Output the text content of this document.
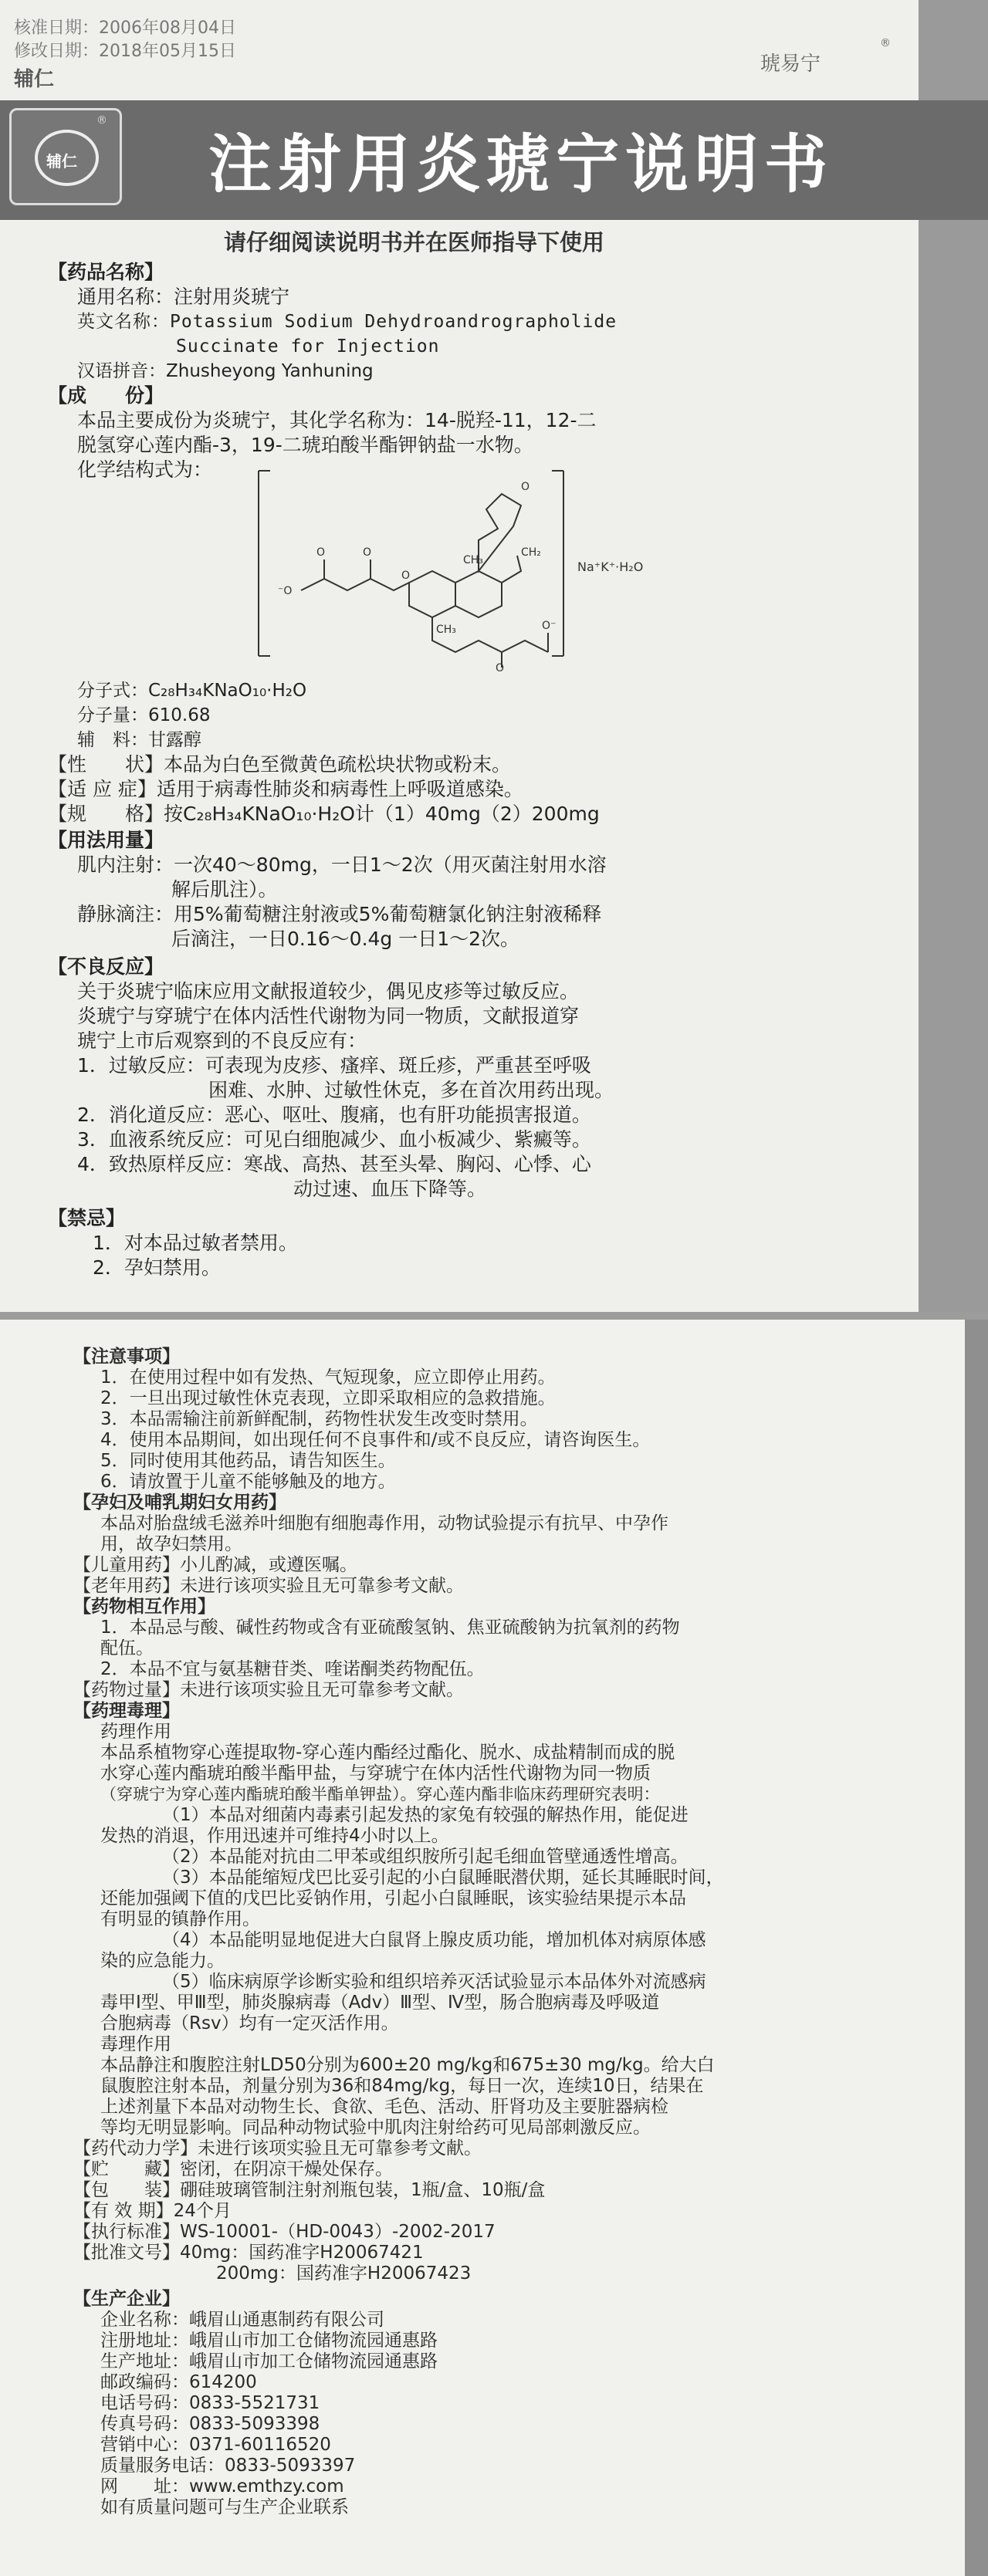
核准日期：2006年08月04日
修改日期：2018年05月15日
辅仁
琥易宁
®
辅仁
®
注射用炎琥宁说明书
请仔细阅读说明书并在医师指导下使用
【药品名称】
通用名称：注射用炎琥宁
英文名称：Potassium Sodium Dehydroandrographolide
Succinate for Injection
汉语拼音：Zhusheyong Yanhuning
【成　　份】
本品主要成份为炎琥宁，其化学名称为：14-脱羟-11，12-二
脱氢穿心莲内酯-3，19-二琥珀酸半酯钾钠盐一水物。
化学结构式为：
⁻O
O	O
O
CH₃
CH₂
O
CH₃
O
O⁻
Na⁺K⁺·H₂O
分子式：C₂₈H₃₄KNaO₁₀·H₂O
分子量：610.68
辅　料：甘露醇
【性　　状】本品为白色至微黄色疏松块状物或粉末。
【适 应 症】适用于病毒性肺炎和病毒性上呼吸道感染。
【规　　格】按C₂₈H₃₄KNaO₁₀·H₂O计（1）40mg（2）200mg
【用法用量】
肌内注射：一次40～80mg，一日1～2次（用灭菌注射用水溶
解后肌注）。
静脉滴注：用5%葡萄糖注射液或5%葡萄糖氯化钠注射液稀释
后滴注，一日0.16～0.4g 一日1～2次。
【不良反应】
关于炎琥宁临床应用文献报道较少，偶见皮疹等过敏反应。
炎琥宁与穿琥宁在体内活性代谢物为同一物质，文献报道穿
琥宁上市后观察到的不良反应有：
1．过敏反应：可表现为皮疹、瘙痒、斑丘疹，严重甚至呼吸
困难、水肿、过敏性休克，多在首次用药出现。
2．消化道反应：恶心、呕吐、腹痛，也有肝功能损害报道。
3．血液系统反应：可见白细胞减少、血小板减少、紫癜等。
4．致热原样反应：寒战、高热、甚至头晕、胸闷、心悸、心
动过速、血压下降等。
【禁忌】
1．对本品过敏者禁用。
2．孕妇禁用。
【注意事项】
1．在使用过程中如有发热、气短现象，应立即停止用药。
2．一旦出现过敏性休克表现，立即采取相应的急救措施。
3．本品需输注前新鲜配制，药物性状发生改变时禁用。
4．使用本品期间，如出现任何不良事件和/或不良反应，请咨询医生。
5．同时使用其他药品，请告知医生。
6．请放置于儿童不能够触及的地方。
【孕妇及哺乳期妇女用药】
本品对胎盘绒毛滋养叶细胞有细胞毒作用，动物试验提示有抗早、中孕作
用，故孕妇禁用。
【儿童用药】小儿酌减，或遵医嘱。
【老年用药】未进行该项实验且无可靠参考文献。
【药物相互作用】
1．本品忌与酸、碱性药物或含有亚硫酸氢钠、焦亚硫酸钠为抗氧剂的药物
配伍。
2．本品不宜与氨基糖苷类、喹诺酮类药物配伍。
【药物过量】未进行该项实验且无可靠参考文献。
【药理毒理】
药理作用
本品系植物穿心莲提取物-穿心莲内酯经过酯化、脱水、成盐精制而成的脱
水穿心莲内酯琥珀酸半酯甲盐，与穿琥宁在体内活性代谢物为同一物质
（穿琥宁为穿心莲内酯琥珀酸半酯单钾盐）。穿心莲内酯非临床药理研究表明：
（1）本品对细菌内毒素引起发热的家兔有较强的解热作用，能促进
发热的消退，作用迅速并可维持4小时以上。
（2）本品能对抗由二甲苯或组织胺所引起毛细血管壁通透性增高。
（3）本品能缩短戊巴比妥引起的小白鼠睡眠潜伏期，延长其睡眠时间，
还能加强阈下值的戊巴比妥钠作用，引起小白鼠睡眠，该实验结果提示本品
有明显的镇静作用。
（4）本品能明显地促进大白鼠肾上腺皮质功能，增加机体对病原体感
染的应急能力。
（5）临床病原学诊断实验和组织培养灭活试验显示本品体外对流感病
毒甲Ⅰ型、甲Ⅲ型，肺炎腺病毒（Adv）Ⅲ型、Ⅳ型，肠合胞病毒及呼吸道
合胞病毒（Rsv）均有一定灭活作用。
毒理作用
本品静注和腹腔注射LD50分别为600±20 mg/kg和675±30 mg/kg。给大白
鼠腹腔注射本品，剂量分别为36和84mg/kg，每日一次，连续10日，结果在
上述剂量下本品对动物生长、食欲、毛色、活动、肝肾功及主要脏器病检
等均无明显影响。同品种动物试验中肌肉注射给药可见局部刺激反应。
【药代动力学】未进行该项实验且无可靠参考文献。
【贮　　藏】密闭，在阴凉干燥处保存。
【包　　装】硼硅玻璃管制注射剂瓶包装，1瓶/盒、10瓶/盒
【有 效 期】24个月
【执行标准】WS-10001-（HD-0043）-2002-2017
【批准文号】40mg：国药准字H20067421
200mg：国药准字H20067423
【生产企业】
企业名称：峨眉山通惠制药有限公司
注册地址：峨眉山市加工仓储物流园通惠路
生产地址：峨眉山市加工仓储物流园通惠路
邮政编码：614200
电话号码：0833-5521731
传真号码：0833-5093398
营销中心：0371-60116520
质量服务电话：0833-5093397
网　　址：www.emthzy.com
如有质量问题可与生产企业联系
